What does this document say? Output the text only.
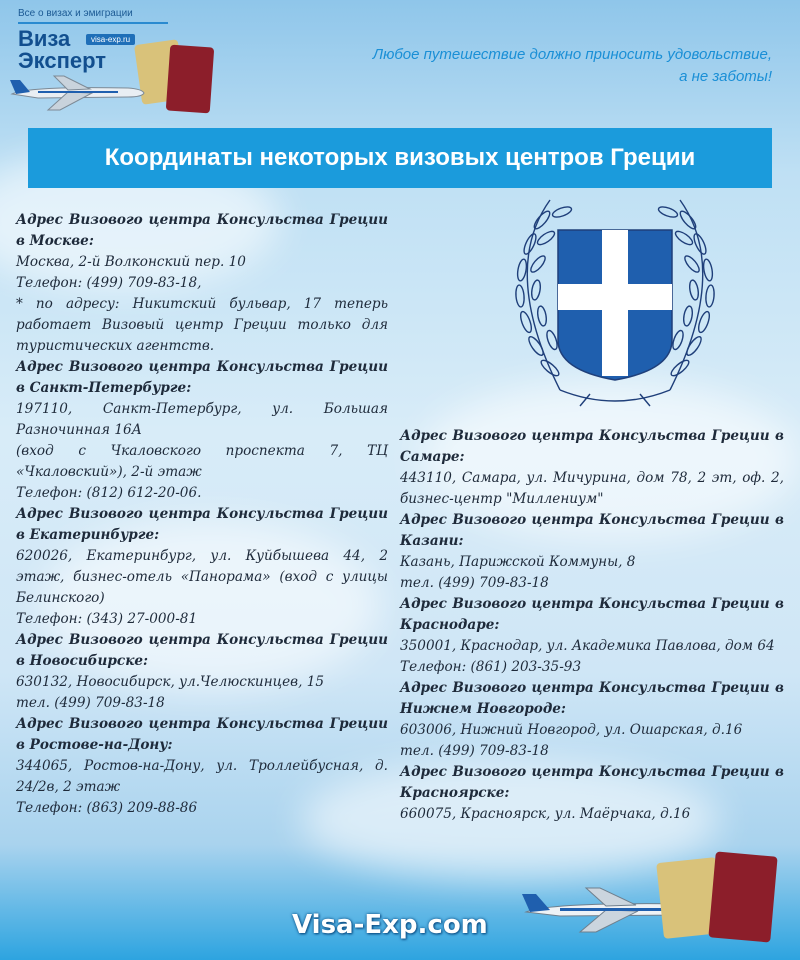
Все о визах и эмиграции
Виза	visa-exp.ru
Эксперт	Любое путешествие должно приносить удовольствие,
а не заботы!
Координаты некоторых визовых центров Греции
Адрес Визового центра Консульства Греции в Москве:
Москва, 2-й Волконский пер. 10
Телефон: (499) 709-83-18,
* по адресу: Никитский бульвар, 17 теперь работает Визовый центр Греции только для туристических агентств.
Адрес Визового центра Консульства Греции в Санкт-Петербурге:
197110, Санкт-Петербург, ул. Большая Разночинная 16А
(вход с Чкаловского проспекта 7, ТЦ «Чкаловский»), 2-й этаж
Телефон: (812) 612-20-06.
Адрес Визового центра Консульства Греции в Екатеринбурге:
620026, Екатеринбург, ул. Куйбышева 44, 2 этаж, бизнес-отель «Панорама» (вход с улицы Белинского)
Телефон: (343) 27-000-81
Адрес Визового центра Консульства Греции в Новосибирске:
630132, Новосибирск, ул.Челюскинцев, 15
тел. (499) 709-83-18
Адрес Визового центра Консульства Греции в Ростове-на-Дону:
344065, Ростов-на-Дону, ул. Троллейбусная, д. 24/2в, 2 этаж
Телефон: (863) 209-88-86
Адрес Визового центра Консульства Греции в Самаре:
443110, Самара, ул. Мичурина, дом 78, 2 эт, оф. 2, бизнес-центр "Миллениум"
Адрес Визового центра Консульства Греции в Казани:
Казань, Парижской Коммуны, 8
тел. (499) 709-83-18
Адрес Визового центра Консульства Греции в Краснодаре:
350001, Краснодар, ул. Академика Павлова, дом 64
Телефон: (861) 203-35-93
Адрес Визового центра Консульства Греции в Нижнем Новгороде:
603006, Нижний Новгород, ул. Ошарская, д.16
тел. (499) 709-83-18
Адрес Визового центра Консульства Греции в Красноярске:
660075, Красноярск, ул. Маёрчака, д.16
Visa-Exp.com
